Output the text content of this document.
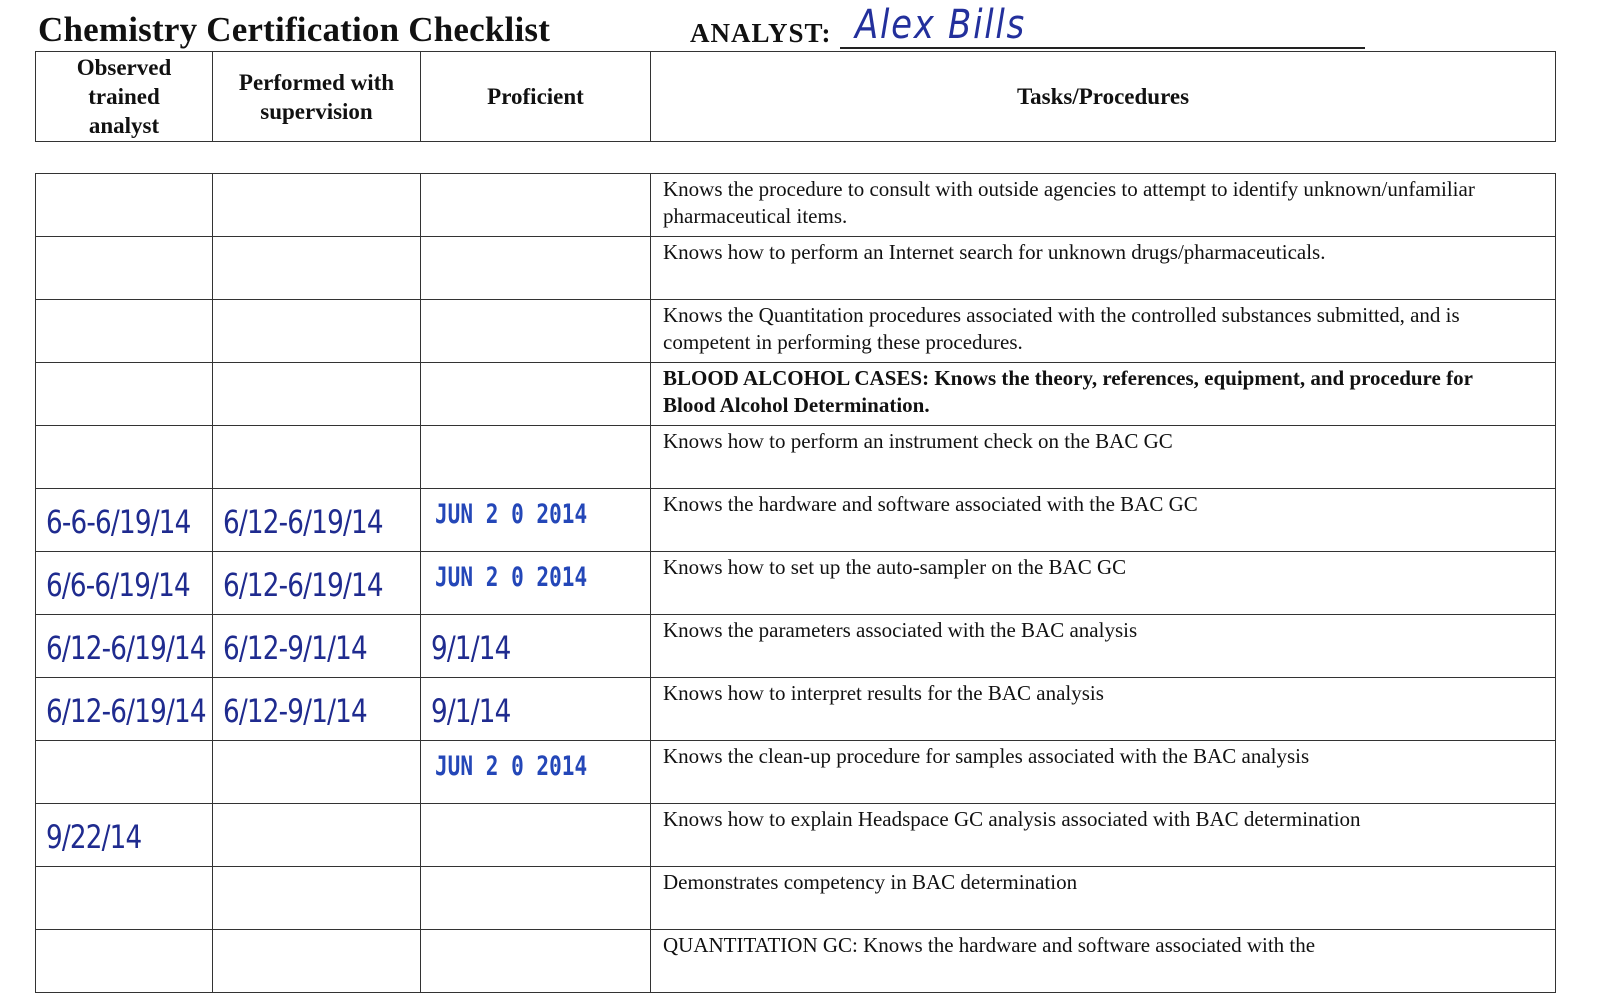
Chemistry Certification Checklist	ANALYST: Alex Bills
Observed trained analyst	Performed with supervision	Proficient	Tasks/Procedures
			Knows the procedure to consult with outside agencies to attempt to identify unknown/unfamiliar pharmaceutical items.
			Knows how to perform an Internet search for unknown drugs/pharmaceuticals.
			Knows the Quantitation procedures associated with the controlled substances submitted, and is competent in performing these procedures.
			BLOOD ALCOHOL CASES: Knows the theory, references, equipment, and procedure for Blood Alcohol Determination.
			Knows how to perform an instrument check on the BAC GC

6-6-6/19/14	6/12-6/19/14	JUN 2 0 2014	Knows the hardware and software associated with the BAC GC

6/6-6/19/14	6/12-6/19/14	JUN 2 0 2014	Knows how to set up the auto-sampler on the BAC GC

6/12-6/19/14	6/12-9/1/14	9/1/14	Knows the parameters associated with the BAC analysis

6/12-6/19/14	6/12-9/1/14	9/1/14	Knows how to interpret results for the BAC analysis

		JUN 2 0 2014	Knows the clean-up procedure for samples associated with the BAC analysis

9/22/14			Knows how to explain Headspace GC analysis associated with BAC determination
			Demonstrates competency in BAC determination
			QUANTITATION GC: Knows the hardware and software associated with the
